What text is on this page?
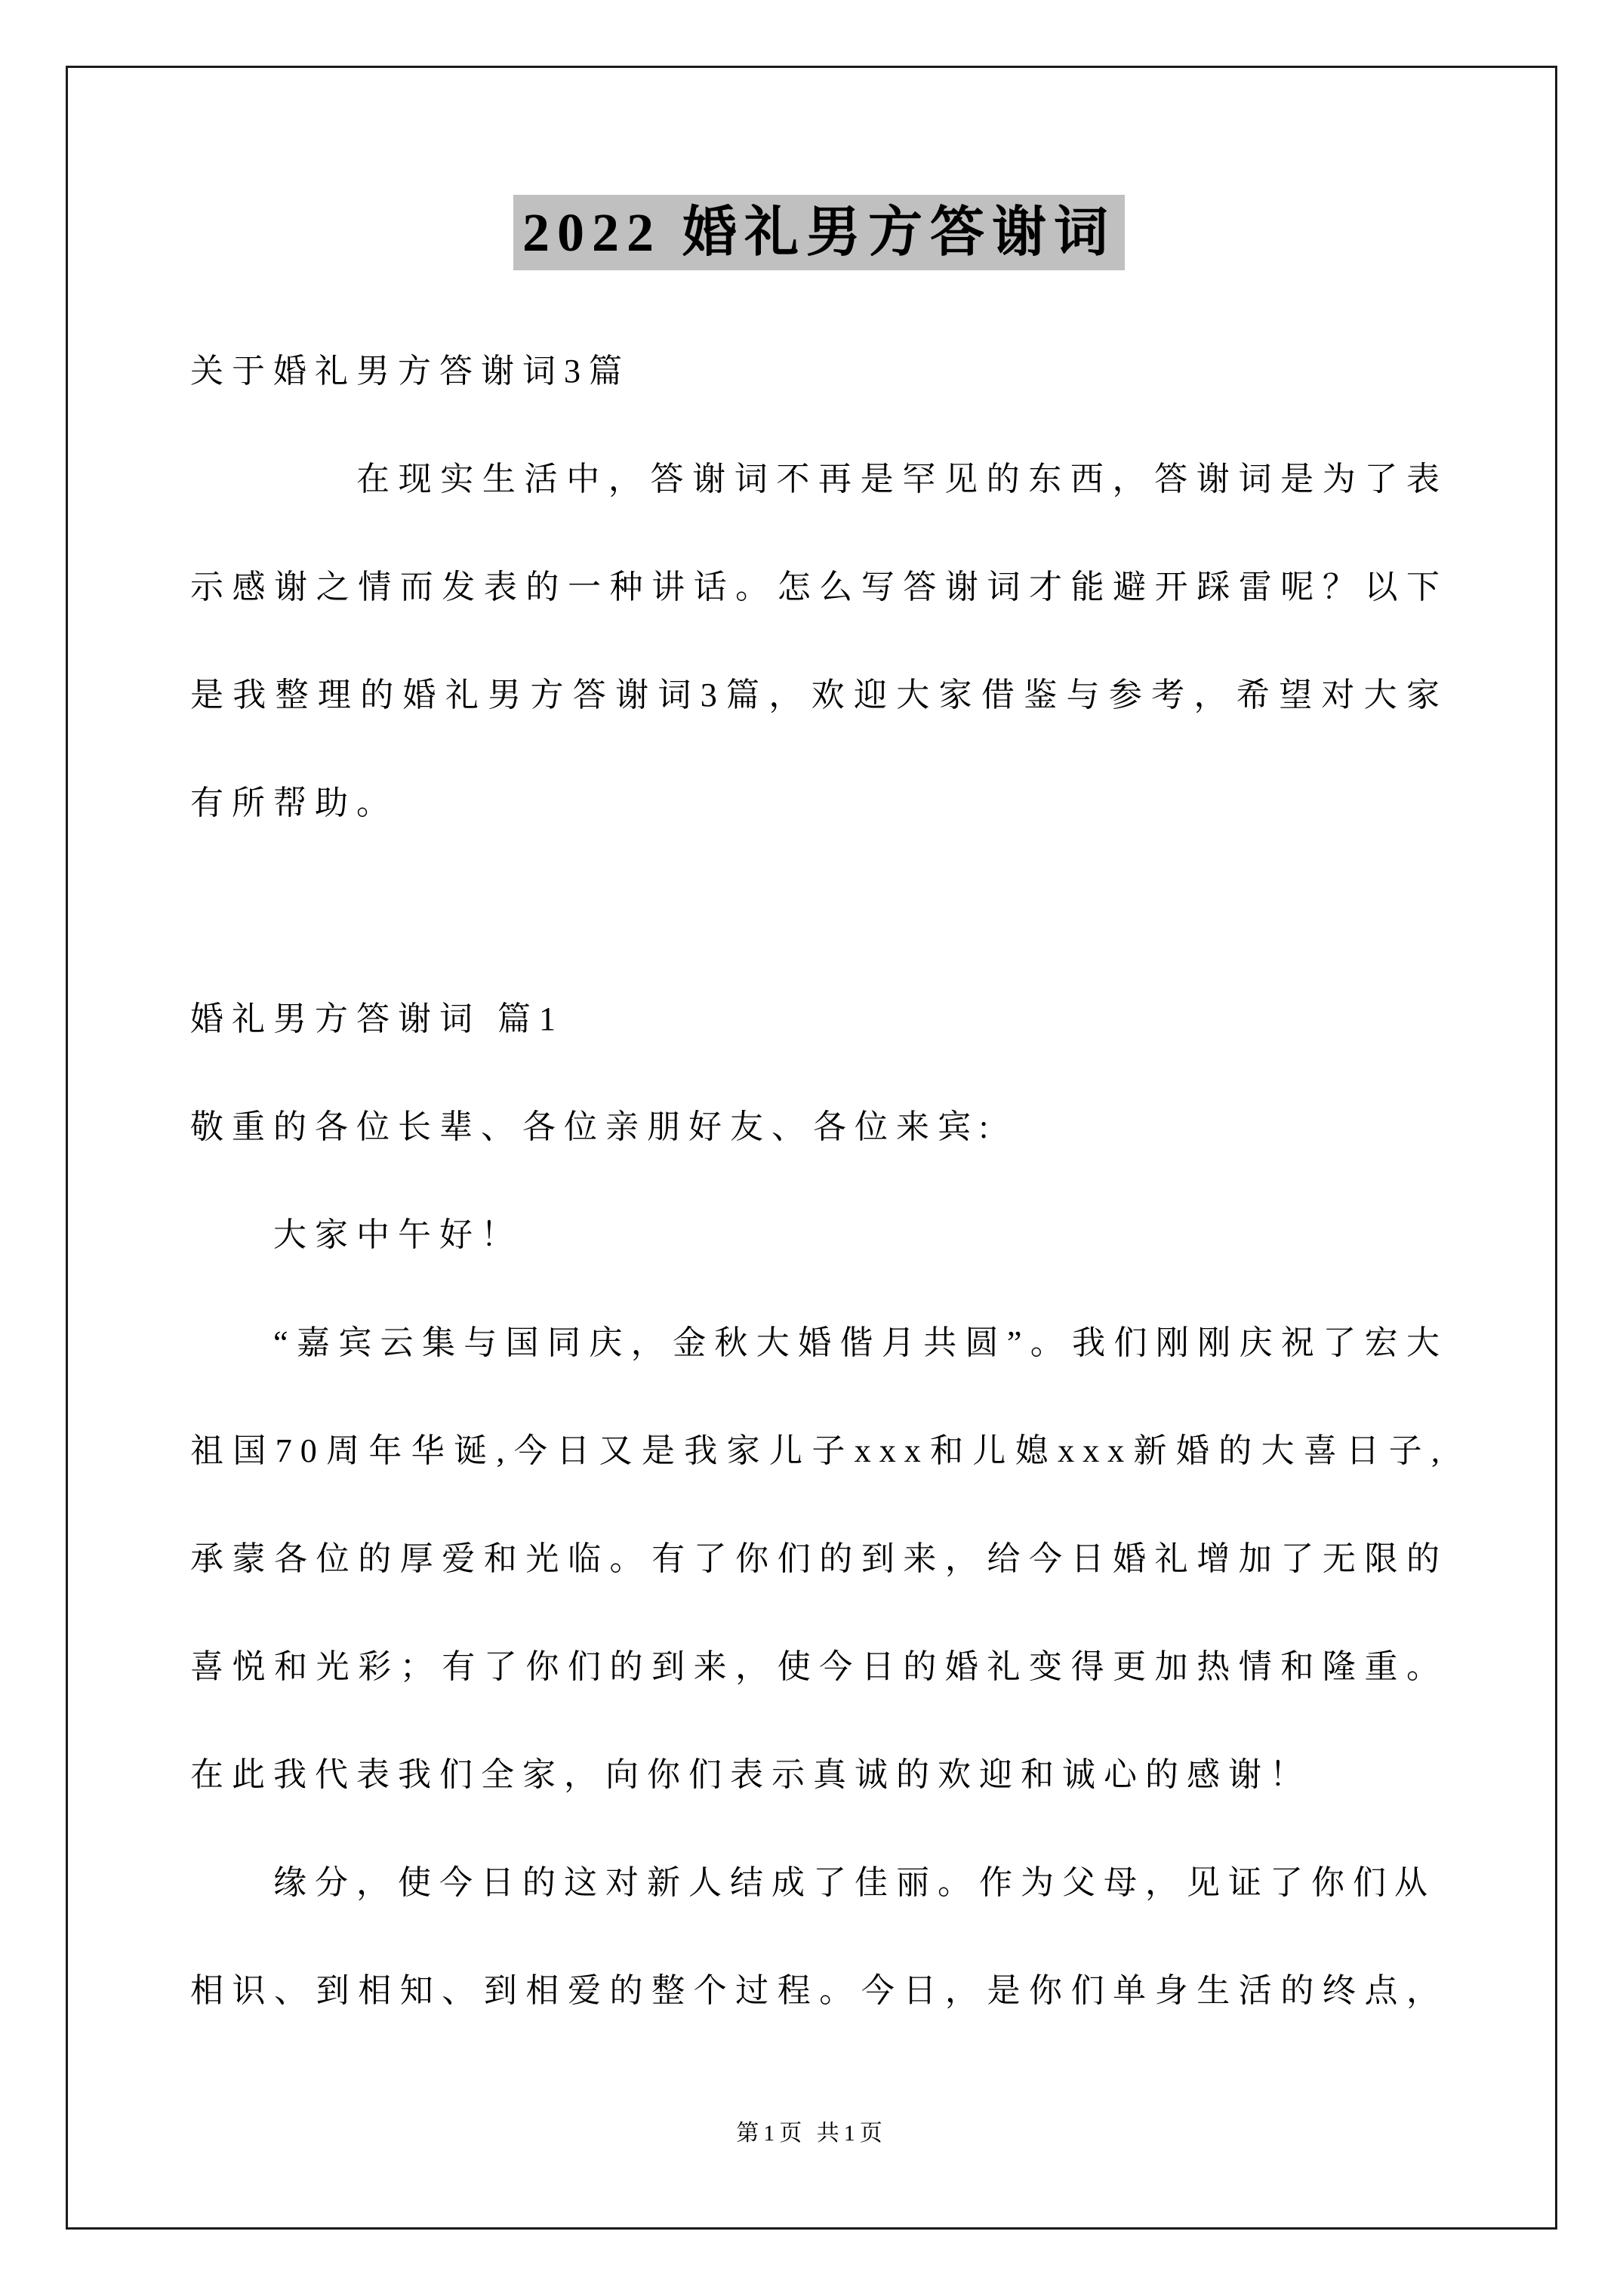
2022 婚礼男方答谢词

关于婚礼男方答谢词3篇

在现实生活中，答谢词不再是罕见的东西，答谢词是为了表

示感谢之情而发表的一种讲话。怎么写答谢词才能避开踩雷呢？以下

是我整理的婚礼男方答谢词3篇，欢迎大家借鉴与参考，希望对大家

有所帮助。

婚礼男方答谢词 篇1

敬重的各位长辈、各位亲朋好友、各位来宾:

大家中午好！

“嘉宾云集与国同庆，金秋大婚偕月共圆”。我们刚刚庆祝了宏大

祖国70周年华诞,今日又是我家儿子xxx和儿媳xxx新婚的大喜日子,

承蒙各位的厚爱和光临。有了你们的到来，给今日婚礼增加了无限的

喜悦和光彩；有了你们的到来，使今日的婚礼变得更加热情和隆重。

在此我代表我们全家，向你们表示真诚的欢迎和诚心的感谢！

缘分，使今日的这对新人结成了佳丽。作为父母，见证了你们从

相识、到相知、到相爱的整个过程。今日，是你们单身生活的终点，

第1页 共1页
